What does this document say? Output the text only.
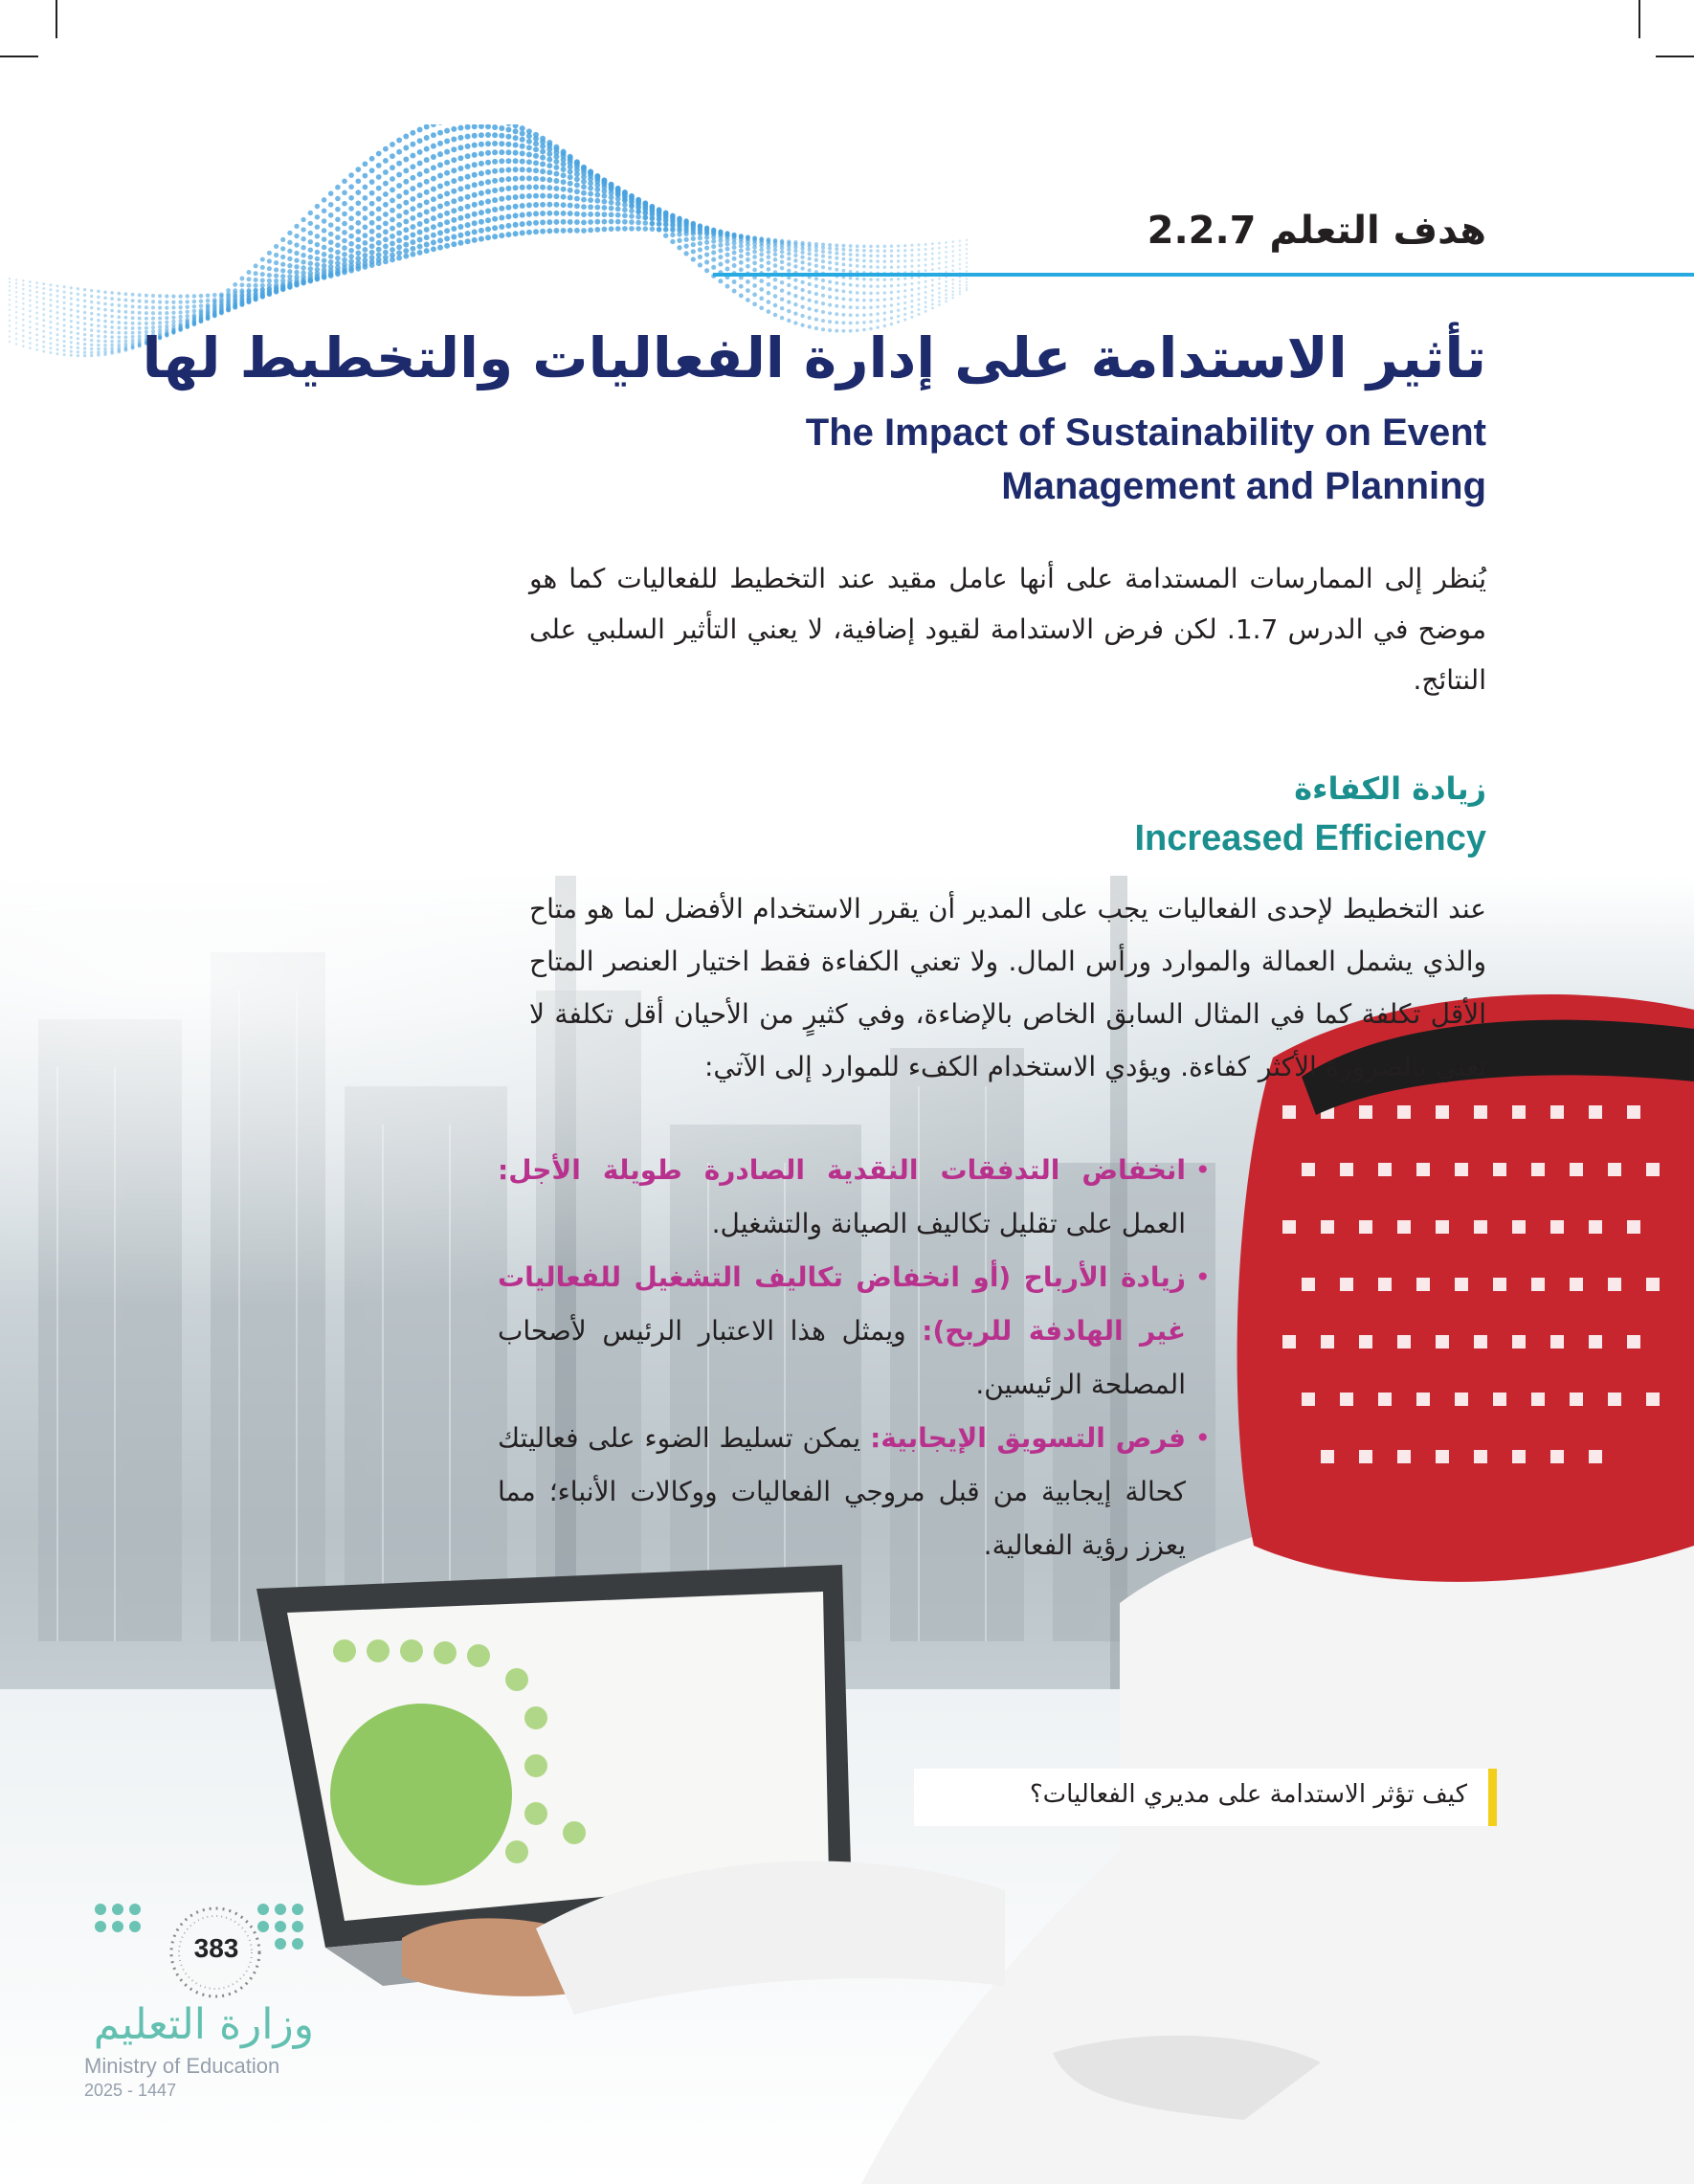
هدف التعلم 2.2.7
تأثير الاستدامة على إدارة الفعاليات والتخطيط لها
The Impact of Sustainability on Event
Management and Planning
يُنظر إلى الممارسات المستدامة على أنها عامل مقيد عند التخطيط للفعاليات كما هو موضح في الدرس 1.7. لكن فرض الاستدامة لقيود إضافية، لا يعني التأثير السلبي على النتائج.
زيادة الكفاءة
Increased Efficiency
عند التخطيط لإحدى الفعاليات يجب على المدير أن يقرر الاستخدام الأفضل لما هو متاح والذي يشمل العمالة والموارد ورأس المال. ولا تعني الكفاءة فقط اختيار العنصر المتاح الأقل تكلفة كما في المثال السابق الخاص بالإضاءة، وفي كثيرٍ من الأحيان أقل تكلفة لا تعني بالضرورة الأكثر كفاءة. ويؤدي الاستخدام الكفء للموارد إلى الآتي:
• انخفاض التدفقات النقدية الصادرة طويلة الأجل: العمل على تقليل تكاليف الصيانة والتشغيل.
• زيادة الأرباح (أو انخفاض تكاليف التشغيل للفعاليات غير الهادفة للربح): ويمثل هذا الاعتبار الرئيس لأصحاب المصلحة الرئيسين.
• فرص التسويق الإيجابية: يمكن تسليط الضوء على فعاليتك كحالة إيجابية من قبل مروجي الفعاليات ووكالات الأنباء؛ مما يعزز رؤية الفعالية.
كيف تؤثر الاستدامة على مديري الفعاليات؟
383
وزارة التعليم
Ministry of Education
2025 - 1447
